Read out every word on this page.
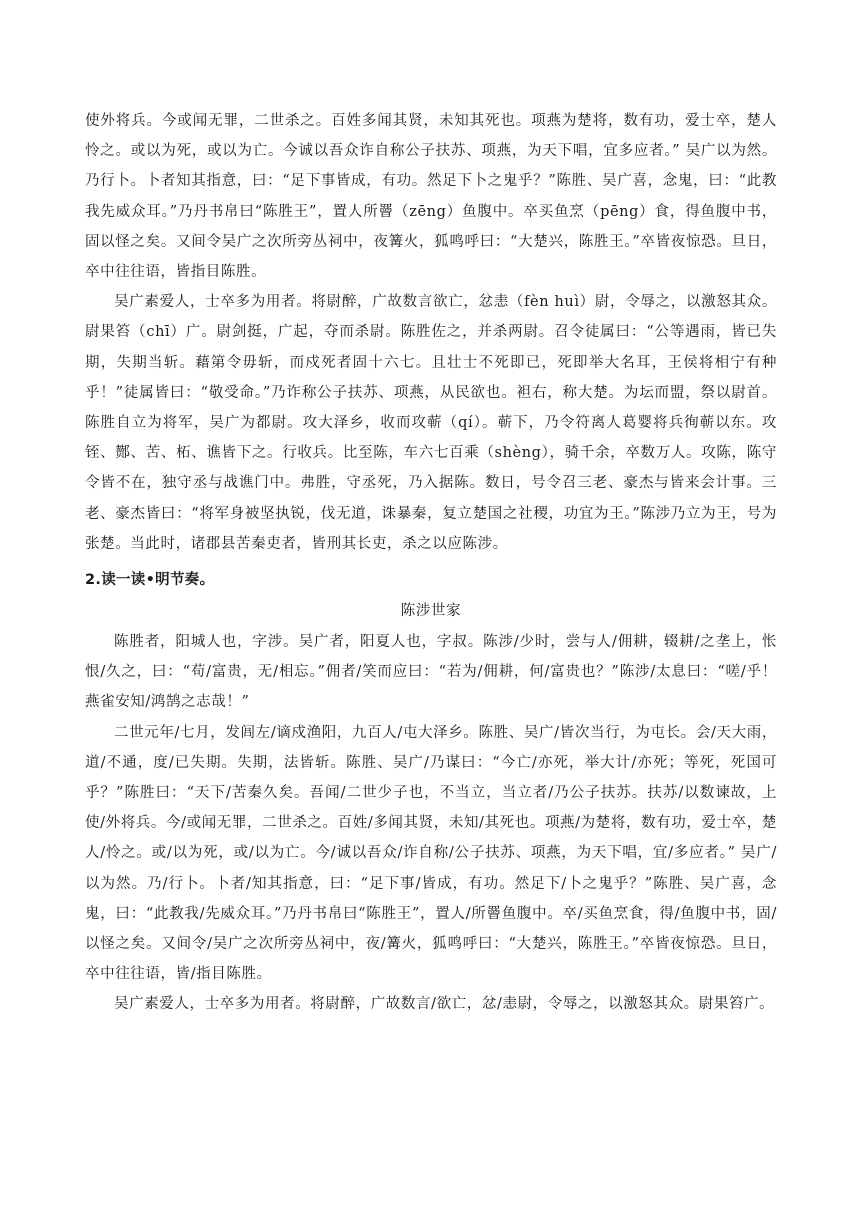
使外将兵。今或闻无罪，二世杀之。百姓多闻其贤，未知其死也。项燕为楚将，数有功，爱士卒，楚人怜之。或以为死，或以为亡。今诚以吾众诈自称公子扶苏、项燕，为天下唱，宜多应者。” 吴广以为然。乃行卜。卜者知其指意，曰：“足下事皆成，有功。然足下卜之鬼乎？”陈胜、吴广喜，念鬼，曰：“此教我先威众耳。”乃丹书帛曰“陈胜王”，置人所罾（zēng）鱼腹中。卒买鱼烹（pēng）食，得鱼腹中书，固以怪之矣。又间令吴广之次所旁丛祠中，夜篝火，狐鸣呼曰：“大楚兴，陈胜王。”卒皆夜惊恐。旦日，卒中往往语，皆指目陈胜。

吴广素爱人，士卒多为用者。将尉醉，广故数言欲亡，忿恚（fèn huì）尉，令辱之，以激怒其众。尉果笞（chī）广。尉剑挺，广起，夺而杀尉。陈胜佐之，并杀两尉。召令徒属曰：“公等遇雨，皆已失期，失期当斩。藉第令毋斩，而戍死者固十六七。且壮士不死即已，死即举大名耳，王侯将相宁有种乎！”徒属皆曰：“敬受命。”乃诈称公子扶苏、项燕，从民欲也。袒右，称大楚。为坛而盟，祭以尉首。 陈胜自立为将军，吴广为都尉。攻大泽乡，收而攻蕲（qí）。蕲下，乃令符离人葛婴将兵徇蕲以东。攻铚、酂、苦、柘、谯皆下之。行收兵。比至陈，车六七百乘（shèng），骑千余，卒数万人。攻陈，陈守令皆不在，独守丞与战谯门中。弗胜，守丞死，乃入据陈。数日，号令召三老、豪杰与皆来会计事。三老、豪杰皆曰：“将军身被坚执锐，伐无道，诛暴秦，复立楚国之社稷，功宜为王。”陈涉乃立为王，号为张楚。当此时，诸郡县苦秦吏者，皆刑其长吏，杀之以应陈涉。

2.读一读•明节奏。
陈涉世家

陈胜者，阳城人也，字涉。吴广者，阳夏人也，字叔。陈涉/少时，尝与人/佣耕，辍耕/之垄上，怅恨/久之，曰：“苟/富贵，无/相忘。”佣者/笑而应曰：“若为/佣耕，何/富贵也？”陈涉/太息曰：“嗟/乎！燕雀安知/鸿鹄之志哉！”

二世元年/七月，发闾左/谪戍渔阳，九百人/屯大泽乡。陈胜、吴广/皆次当行，为屯长。会/天大雨，道/不通，度/已失期。失期，法皆斩。陈胜、吴广/乃谋曰：“今亡/亦死，举大计/亦死；等死，死国可乎？”陈胜曰：“天下/苦秦久矣。吾闻/二世少子也，不当立，当立者/乃公子扶苏。扶苏/以数谏故，上使/外将兵。今/或闻无罪，二世杀之。百姓/多闻其贤，未知/其死也。项燕/为楚将，数有功，爱士卒，楚人/怜之。或/以为死，或/以为亡。今/诚以吾众/诈自称/公子扶苏、项燕，为天下唱，宜/多应者。” 吴广/以为然。乃/行卜。卜者/知其指意，曰：“足下事/皆成，有功。然足下/卜之鬼乎？”陈胜、吴广喜，念鬼，曰：“此教我/先威众耳。”乃丹书帛曰“陈胜王”，置人/所罾鱼腹中。卒/买鱼烹食，得/鱼腹中书，固/以怪之矣。又间令/吴广之次所旁丛祠中，夜/篝火，狐鸣呼曰：“大楚兴，陈胜王。”卒皆夜惊恐。旦日，卒中往往语，皆/指目陈胜。

吴广素爱人，士卒多为用者。将尉醉，广故数言/欲亡，忿/恚尉，令辱之，以激怒其众。尉果笞广。
